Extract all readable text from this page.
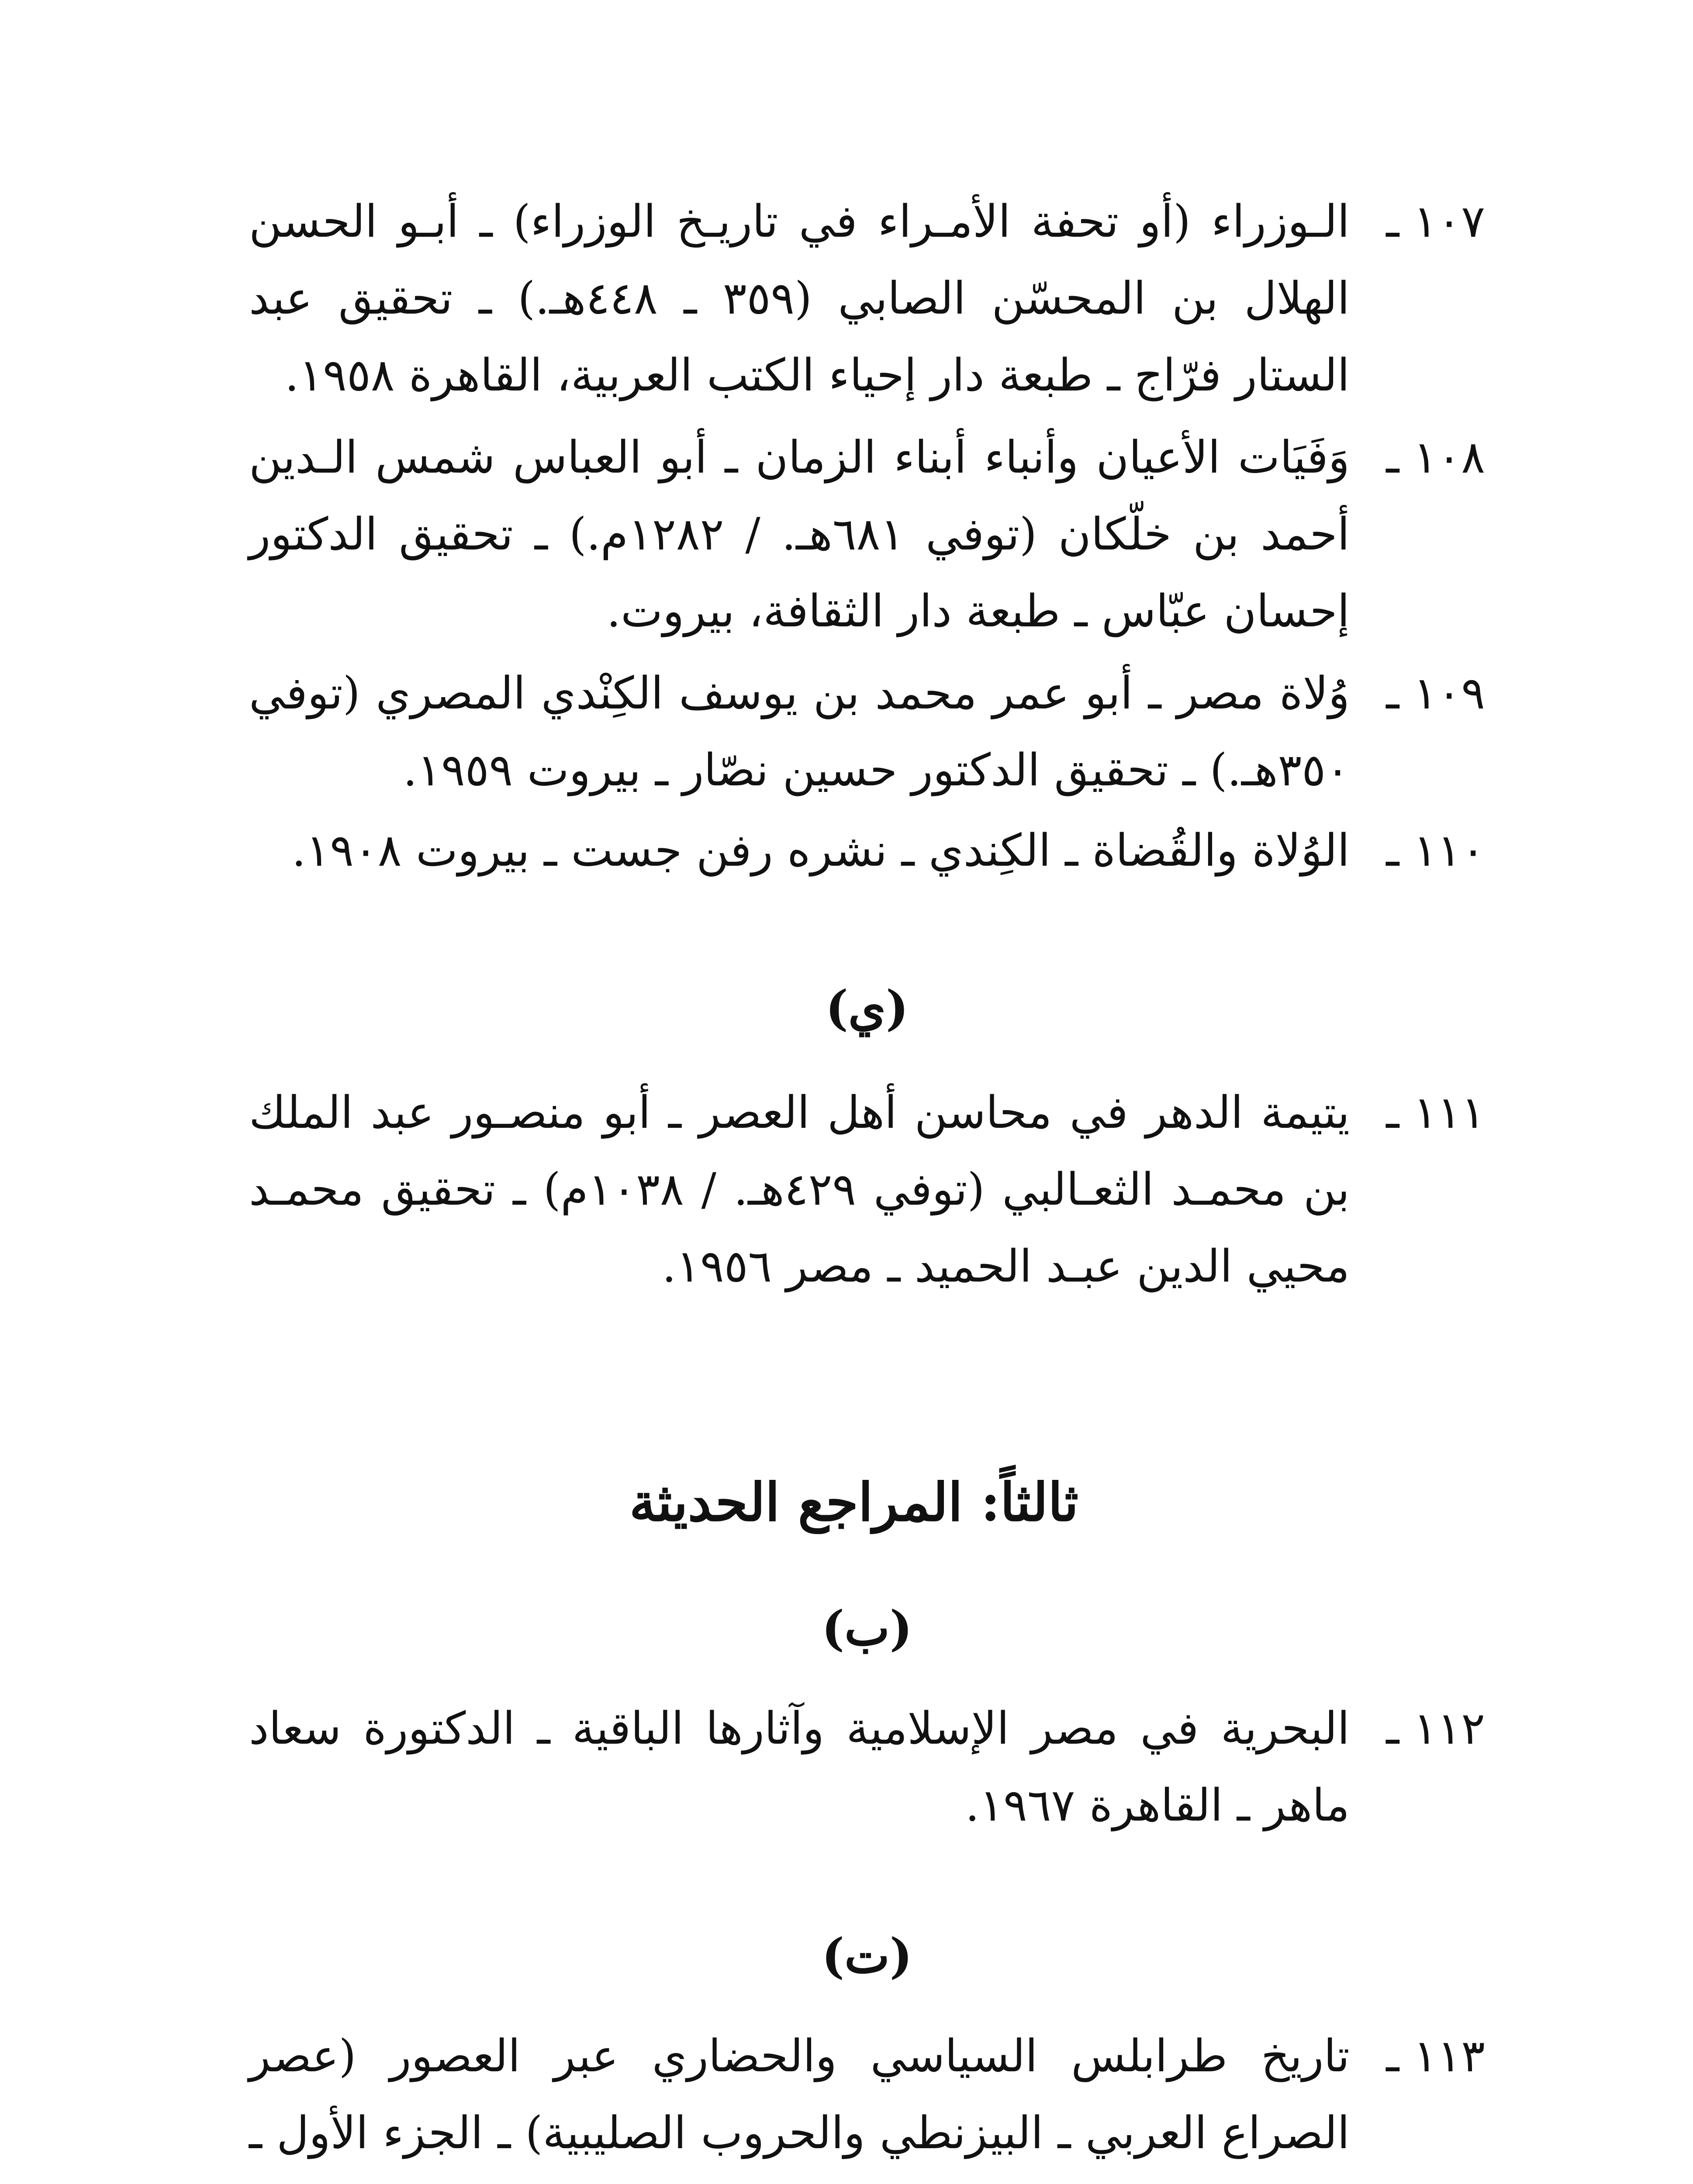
١٠٧ ـ
الـوزراء (أو تحفة الأمـراء في تاريـخ الوزراء) ـ أبـو الحسن الهلال بن المحسّن الصابي (٣٥٩ ـ ٤٤٨هـ.) ـ تحقيق عبد الستار فرّاج ـ طبعة دار إحياء الكتب العربية، القاهرة ١٩٥٨.
١٠٨ ـ
وَفَيَات الأعيان وأنباء أبناء الزمان ـ أبو العباس شمس الـدين أحمد بن خلّكان (توفي ٦٨١هـ. / ١٢٨٢م.) ـ تحقيق الدكتور إحسان عبّاس ـ طبعة دار الثقافة، بيروت.
١٠٩ ـ
وُلاة مصر ـ أبو عمر محمد بن يوسف الكِنْدي المصري (توفي ٣٥٠هـ.) ـ تحقيق الدكتور حسين نصّار ـ بيروت ١٩٥٩.
١١٠ ـ
الوُلاة والقُضاة ـ الكِندي ـ نشره رفن جست ـ بيروت ١٩٠٨.
(ي)
١١١ ـ
يتيمة الدهر في محاسن أهل العصر ـ أبو منصـور عبد الملك بن محمـد الثعـالبي (توفي ٤٢٩هـ. / ١٠٣٨م) ـ تحقيق محمـد محيي الدين عبـد الحميد ـ مصر ١٩٥٦.
ثالثاً: المراجع الحديثة
(ب)
١١٢ ـ
البحرية في مصر الإسلامية وآثارها الباقية ـ الدكتورة سعاد ماهر ـ القاهرة ١٩٦٧.
(ت)
١١٣ ـ
تاريخ طرابلس السياسي والحضاري عبر العصور (عصر الصراع العربي ـ البيزنطي والحروب الصليبية) ـ الجزء الأول ـ
